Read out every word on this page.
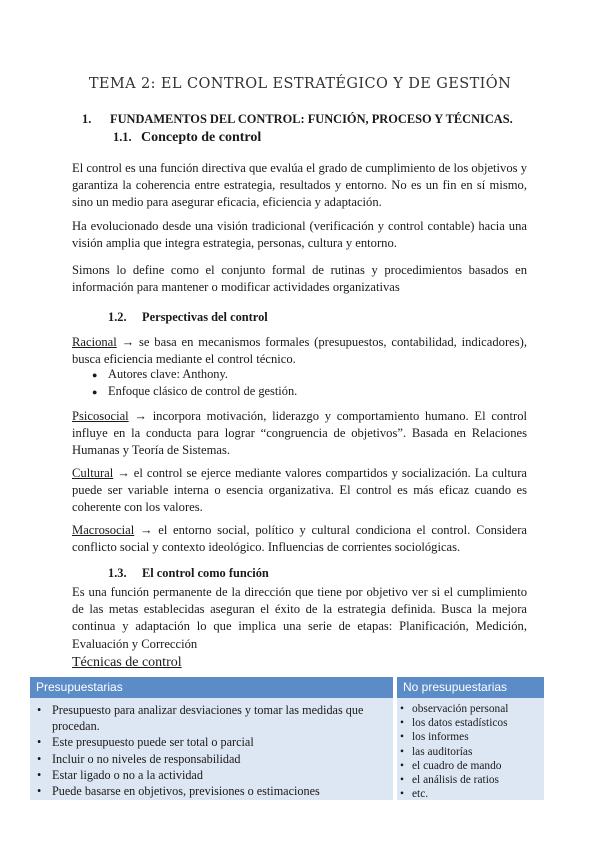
TEMA 2: EL CONTROL ESTRATÉGICO Y DE GESTIÓN
1. FUNDAMENTOS DEL CONTROL: FUNCIÓN, PROCESO Y TÉCNICAS.
1.1. Concepto de control

El control es una función directiva que evalúa el grado de cumplimiento de los objetivos y garantiza la coherencia entre estrategia, resultados y entorno. No es un fin en sí mismo, sino un medio para asegurar eficacia, eficiencia y adaptación.

Ha evolucionado desde una visión tradicional (verificación y control contable) hacia una visión amplia que integra estrategia, personas, cultura y entorno.

Simons lo define como el conjunto formal de rutinas y procedimientos basados en información para mantener o modificar actividades organizativas

1.2. Perspectivas del control

Racional → se basa en mecanismos formales (presupuestos, contabilidad, indicadores), busca eficiencia mediante el control técnico.

● Autores clave: Anthony.
● Enfoque clásico de control de gestión.

Psicosocial → incorpora motivación, liderazgo y comportamiento humano. El control influye en la conducta para lograr “congruencia de objetivos”. Basada en Relaciones Humanas y Teoría de Sistemas.

Cultural → el control se ejerce mediante valores compartidos y socialización. La cultura puede ser variable interna o esencia organizativa. El control es más eficaz cuando es coherente con los valores.

Macrosocial → el entorno social, político y cultural condiciona el control. Considera conflicto social y contexto ideológico. Influencias de corrientes sociológicas.

1.3. El control como función

Es una función permanente de la dirección que tiene por objetivo ver si el cumplimiento de las metas establecidas aseguran el éxito de la estrategia definida. Busca la mejora continua y adaptación lo que implica una serie de etapas: Planificación, Medición, Evaluación y Corrección

Técnicas de control
Presupuestarias
• Presupuesto para analizar desviaciones y tomar las medidas que procedan.
• Este presupuesto puede ser total o parcial
• Incluir o no niveles de responsabilidad
• Estar ligado o no a la actividad
• Puede basarse en objetivos, previsiones o estimaciones
No presupuestarias
• observación personal
• los datos estadísticos
• los informes
• las auditorías
• el cuadro de mando
• el análisis de ratios
• etc.
